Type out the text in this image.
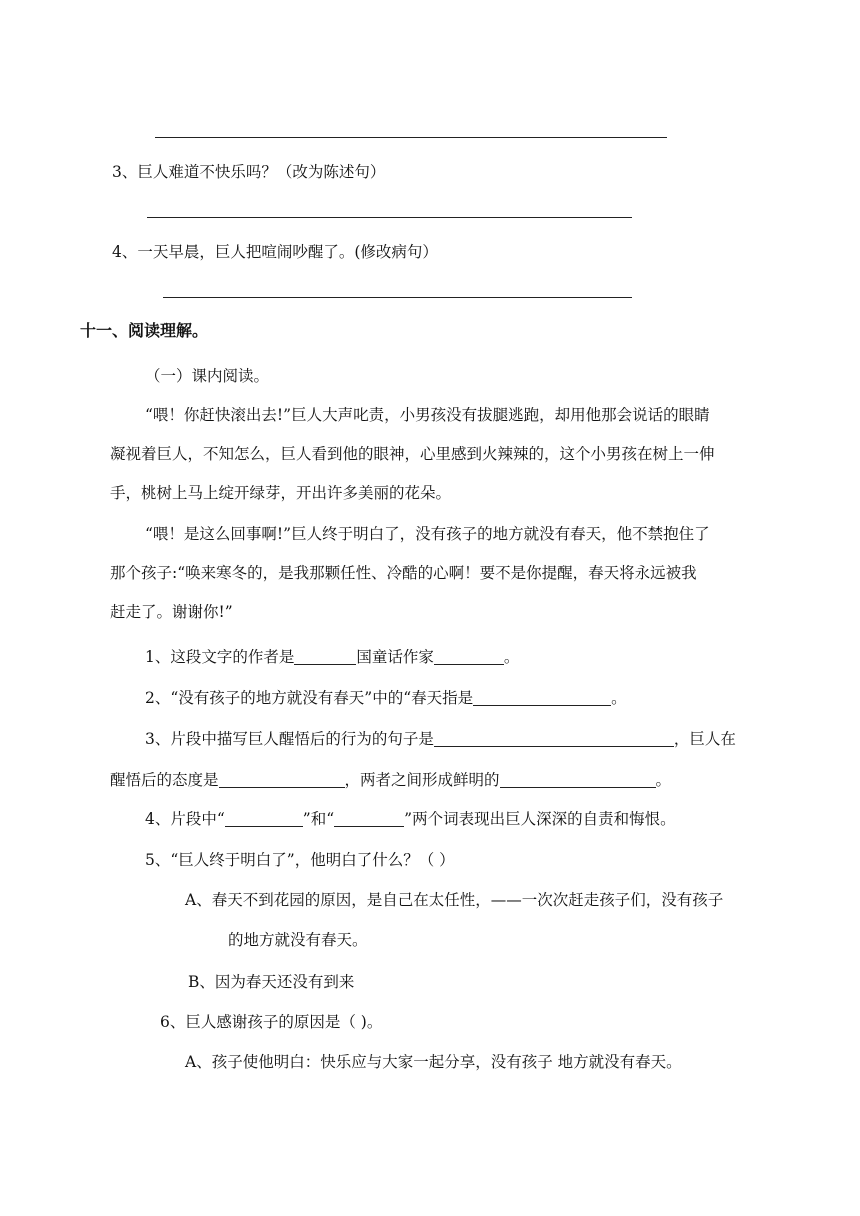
3、巨人难道不快乐吗？（改为陈述句）
4、一天早晨，巨人把喧闹吵醒了。(修改病句）
十一、阅读理解。
（一）课内阅读。
“喂！你赶快滚出去!”巨人大声叱责，小男孩没有拔腿逃跑，却用他那会说话的眼睛
凝视着巨人，不知怎么，巨人看到他的眼神，心里感到火辣辣的，这个小男孩在树上一伸
手，桃树上马上绽开绿芽，开出许多美丽的花朵。
“喂！是这么回事啊!”巨人终于明白了，没有孩子的地方就没有春天，他不禁抱住了
那个孩子:“唤来寒冬的，是我那颗任性、冷酷的心啊！要不是你提醒，春天将永远被我
赶走了。谢谢你!”
1、这段文字的作者是	国童话作家	。
2、“没有孩子的地方就没有春天”中的“春天指是	。
3、片段中描写巨人醒悟后的行为的句子是	，巨人在
醒悟后的态度是	，两者之间形成鲜明的	。
4、片段中“	”和“	”两个词表现出巨人深深的自责和悔恨。
5、“巨人终于明白了”，他明白了什么？（ ）
A、春天不到花园的原因，是自己在太任性，——一次次赶走孩子们，没有孩子
的地方就没有春天。
B、因为春天还没有到来
6、巨人感谢孩子的原因是（ )。
A、孩子使他明白：快乐应与大家一起分享，没有孩子 地方就没有春天。
